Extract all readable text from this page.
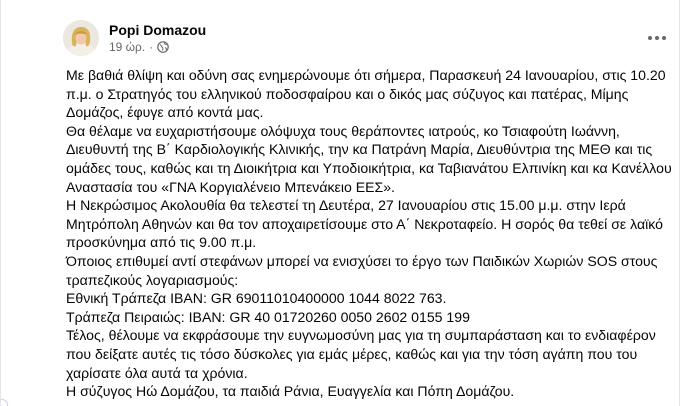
Popi Domazou
19 ώρ. ·

Με βαθιά θλίψη και οδύνη σας ενημερώνουμε ότι σήμερα, Παρασκευή 24 Ιανουαρίου, στις 10.20

π.μ. ο Στρατηγός του ελληνικού ποδοσφαίρου και ο δικός μας σύζυγος και πατέρας, Μίμης

Δομάζος, έφυγε από κοντά μας.

Θα θέλαμε να ευχαριστήσουμε ολόψυχα τους θεράποντες ιατρούς, κο Τσιαφούτη Ιωάννη,

Διευθυντή της Β΄ Καρδιολογικής Κλινικής, την κα Πατράνη Μαρία, Διευθύντρια της ΜΕΘ και τις

ομάδες τους, καθώς και τη Διοικήτρια και Υποδιοικήτρια, κα Ταβιανάτου Ελπινίκη και κα Κανέλλου

Αναστασία του «ΓΝΑ Κοργιαλένειο Μπενάκειο ΕΕΣ».

Η Νεκρώσιμος Ακολουθία θα τελεστεί τη Δευτέρα, 27 Ιανουαρίου στις 15.00 μ.μ. στην Ιερά

Μητρόπολη Αθηνών και θα τον αποχαιρετίσουμε στο Α΄ Νεκροταφείο. Η σορός θα τεθεί σε λαϊκό

προσκύνημα από τις 9.00 π.μ.

Όποιος επιθυμεί αντί στεφάνων μπορεί να ενισχύσει το έργο των Παιδικών Χωριών SOS στους

τραπεζικούς λογαριασμούς:

Εθνική Τράπεζα IBAN: GR 69011010400000 1044 8022 763.

Τράπεζα Πειραιώς: IBAN: GR 40 01720260 0050 2602 0155 199

Τέλος, θέλουμε να εκφράσουμε την ευγνωμοσύνη μας για τη συμπαράσταση και το ενδιαφέρον

που δείξατε αυτές τις τόσο δύσκολες για εμάς μέρες, καθώς και για την τόση αγάπη που του

χαρίσατε όλα αυτά τα χρόνια.

Η σύζυγος Ηώ Δομάζου, τα παιδιά Ράνια, Ευαγγελία και Πόπη Δομάζου.
